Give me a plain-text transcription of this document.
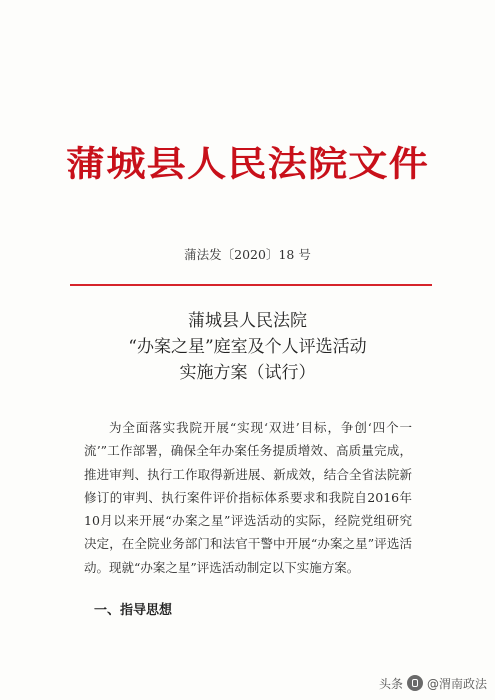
蒲城县人民法院文件
蒲法发〔2020〕18 号
蒲城县人民法院
“办案之星”庭室及个人评选活动
实施方案（试行）

为全面落实我院开展“实现‘双进’目标，争创‘四个一流’”工作部署，确保全年办案任务提质增效、高质量完成，推进审判、执行工作取得新进展、新成效，结合全省法院新修订的审判、执行案件评价指标体系要求和我院自2016年10月以来开展“办案之星”评选活动的实际，经院党组研究决定，在全院业务部门和法官干警中开展“办案之星”评选活动。现就“办案之星”评选活动制定以下实施方案。

一、指导思想
头条 @渭南政法
